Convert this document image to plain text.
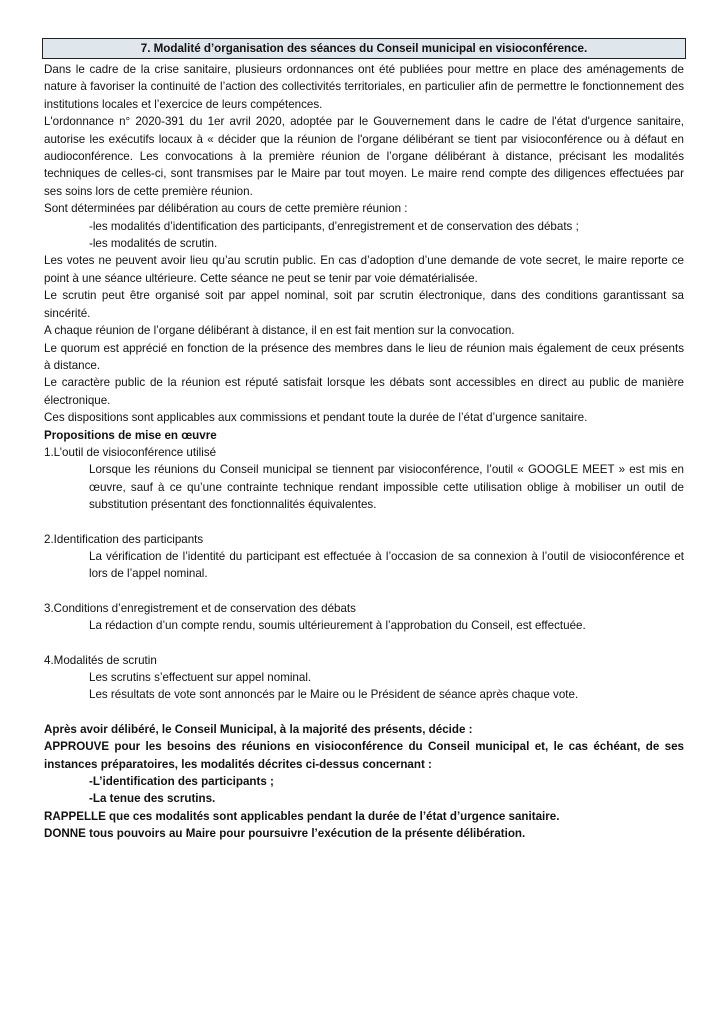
7. Modalité d’organisation des séances du Conseil municipal en visioconférence.

Dans le cadre de la crise sanitaire, plusieurs ordonnances ont été publiées pour mettre en place des aménagements de nature à favoriser la continuité de l’action des collectivités territoriales, en particulier afin de permettre le fonctionnement des institutions locales et l’exercice de leurs compétences.

L'ordonnance n° 2020-391 du 1er avril 2020, adoptée par le Gouvernement dans le cadre de l'état d'urgence sanitaire, autorise les exécutifs locaux à « décider que la réunion de l'organe délibérant se tient par visioconférence ou à défaut en audioconférence. Les convocations à la première réunion de l’organe délibérant à distance, précisant les modalités techniques de celles-ci, sont transmises par le Maire par tout moyen. Le maire rend compte des diligences effectuées par ses soins lors de cette première réunion.

Sont déterminées par délibération au cours de cette première réunion :

-les modalités d’identification des participants, d’enregistrement et de conservation des débats ;

-les modalités de scrutin.

Les votes ne peuvent avoir lieu qu’au scrutin public. En cas d’adoption d’une demande de vote secret, le maire reporte ce point à une séance ultérieure. Cette séance ne peut se tenir par voie dématérialisée.

Le scrutin peut être organisé soit par appel nominal, soit par scrutin électronique, dans des conditions garantissant sa sincérité.

A chaque réunion de l’organe délibérant à distance, il en est fait mention sur la convocation.

Le quorum est apprécié en fonction de la présence des membres dans le lieu de réunion mais également de ceux présents à distance.

Le caractère public de la réunion est réputé satisfait lorsque les débats sont accessibles en direct au public de manière électronique.

Ces dispositions sont applicables aux commissions et pendant toute la durée de l’état d’urgence sanitaire.

Propositions de mise en œuvre

1.L’outil de visioconférence utilisé

Lorsque les réunions du Conseil municipal se tiennent par visioconférence, l’outil « GOOGLE MEET » est mis en œuvre, sauf à ce qu’une contrainte technique rendant impossible cette utilisation oblige à mobiliser un outil de substitution présentant des fonctionnalités équivalentes.

2.Identification des participants

La vérification de l’identité du participant est effectuée à l’occasion de sa connexion à l’outil de visioconférence et lors de l’appel nominal.

3.Conditions d’enregistrement et de conservation des débats

La rédaction d’un compte rendu, soumis ultérieurement à l’approbation du Conseil, est effectuée.

4.Modalités de scrutin

Les scrutins s’effectuent sur appel nominal.

Les résultats de vote sont annoncés par le Maire ou le Président de séance après chaque vote.

Après avoir délibéré, le Conseil Municipal, à la majorité des présents, décide :

APPROUVE pour les besoins des réunions en visioconférence du Conseil municipal et, le cas échéant, de ses instances préparatoires, les modalités décrites ci-dessus concernant :

-L’identification des participants ;

-La tenue des scrutins.

RAPPELLE que ces modalités sont applicables pendant la durée de l’état d’urgence sanitaire.

DONNE tous pouvoirs au Maire pour poursuivre l’exécution de la présente délibération.
